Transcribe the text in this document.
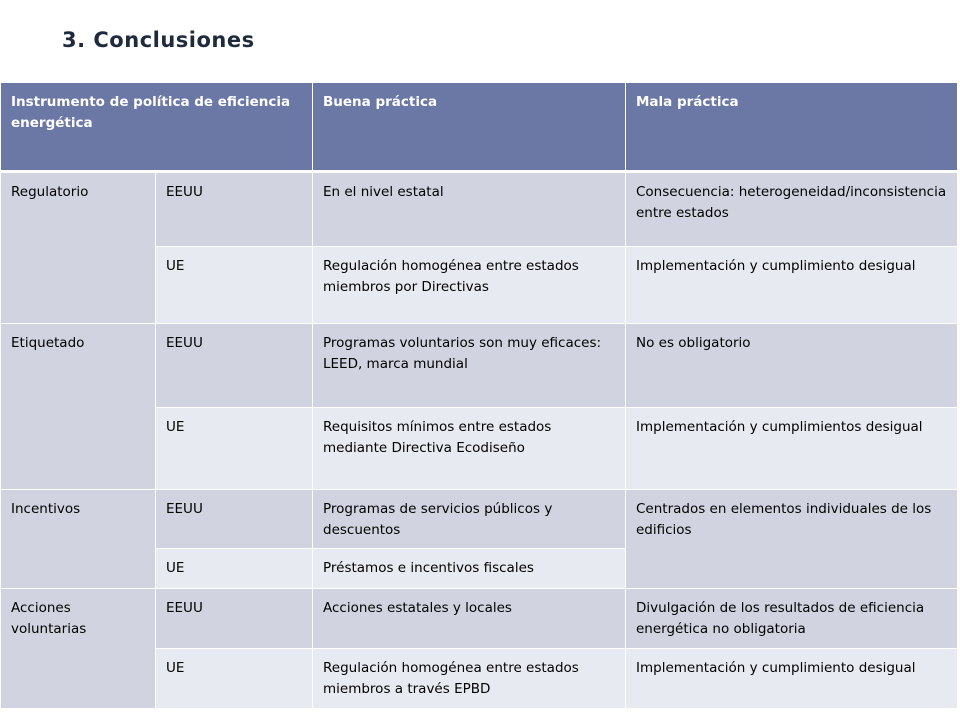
3. Conclusiones
Instrumento de política de eficiencia energética		Buena práctica	Mala práctica
Regulatorio	EEUU	En el nivel estatal	Consecuencia: heterogeneidad/inconsistencia entre estados
	UE	Regulación homogénea entre estados miembros por Directivas	Implementación y cumplimiento desigual
Etiquetado	EEUU	Programas voluntarios son muy eficaces: LEED, marca mundial	No es obligatorio
	UE	Requisitos mínimos entre estados mediante Directiva Ecodiseño	Implementación y cumplimientos desigual
Incentivos	EEUU	Programas de servicios públicos y descuentos	Centrados en elementos individuales de los edificios
	UE	Préstamos e incentivos fiscales	
Acciones voluntarias	EEUU	Acciones estatales y locales	Divulgación de los resultados de eficiencia energética no obligatoria
	UE	Regulación homogénea entre estados miembros a través EPBD	Implementación y cumplimiento desigual
